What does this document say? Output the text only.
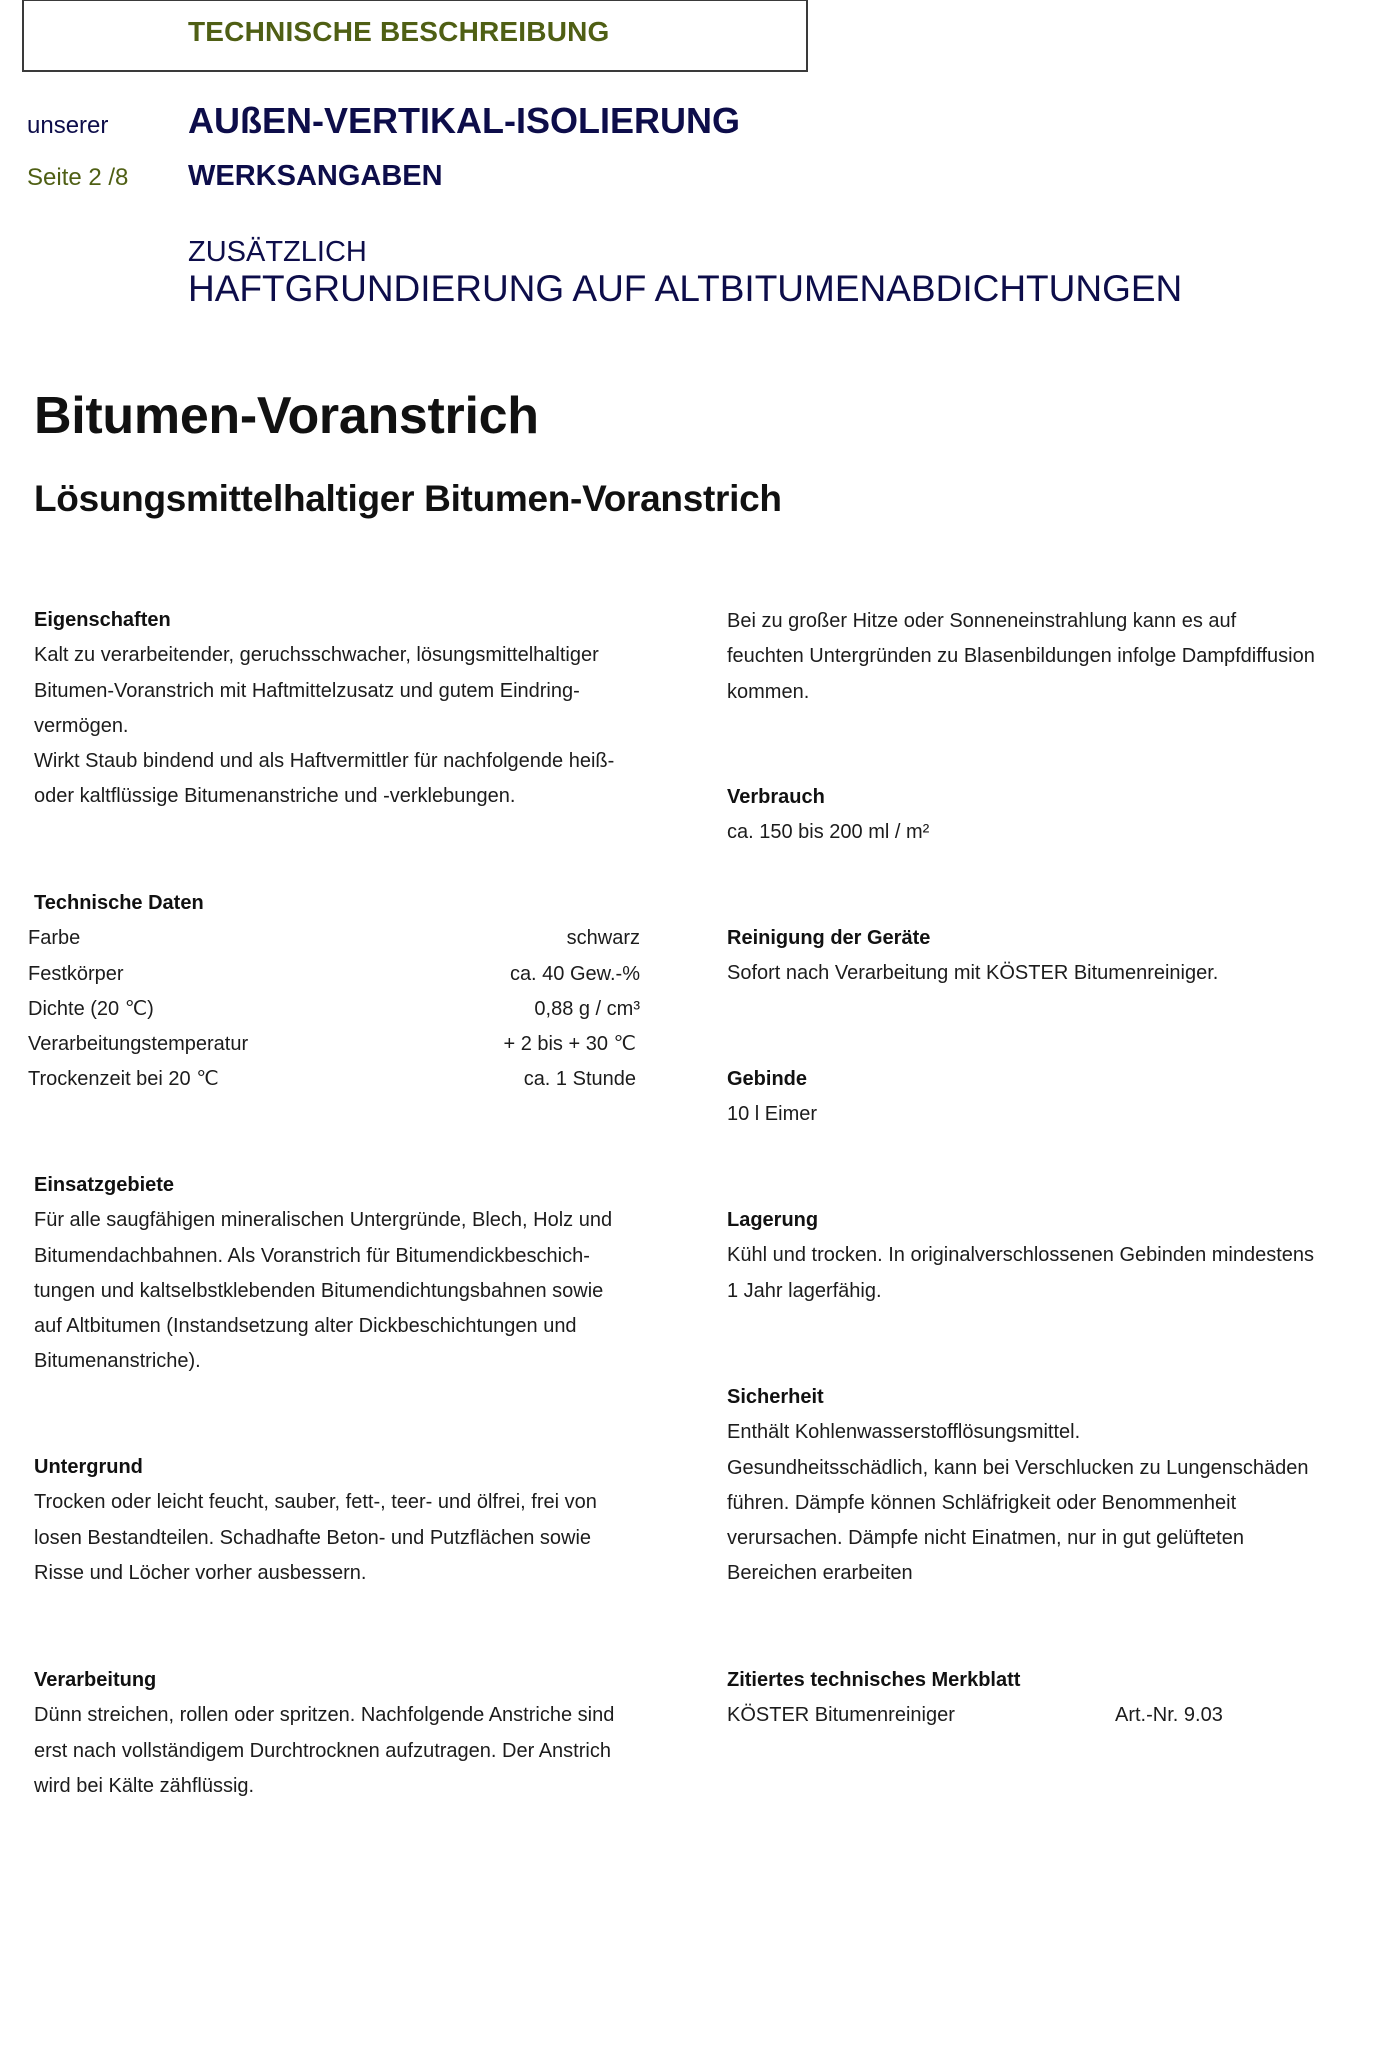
TECHNISCHE BESCHREIBUNG
unserer AUßEN-VERTIKAL-ISOLIERUNG
Seite 2 /8 WERKSANGABEN
ZUSÄTZLICH
HAFTGRUNDIERUNG AUF ALTBITUMENABDICHTUNGEN
Bitumen-Voranstrich
Lösungsmittelhaltiger Bitumen-Voranstrich
Eigenschaften
Kalt zu verarbeitender, geruchsschwacher, lösungsmittelhaltiger
Bitumen-Voranstrich mit Haftmittelzusatz und gutem Eindring-
vermögen.
Wirkt Staub bindend und als Haftvermittler für nachfolgende heiß-
oder kaltflüssige Bitumenanstriche und -verklebungen.
Technische Daten
Farbe	schwarz
Festkörper	ca. 40 Gew.-%
Dichte (20 ℃)	0,88 g / cm³
Verarbeitungstemperatur	+ 2 bis + 30 ℃
Trockenzeit bei 20 ℃	ca. 1 Stunde
Einsatzgebiete
Für alle saugfähigen mineralischen Untergründe, Blech, Holz und
Bitumendachbahnen. Als Voranstrich für Bitumendickbeschich-
tungen und kaltselbstklebenden Bitumendichtungsbahnen sowie
auf Altbitumen (Instandsetzung alter Dickbeschichtungen und
Bitumenanstriche).
Untergrund
Trocken oder leicht feucht, sauber, fett-, teer- und ölfrei, frei von
losen Bestandteilen. Schadhafte Beton- und Putzflächen sowie
Risse und Löcher vorher ausbessern.
Verarbeitung
Dünn streichen, rollen oder spritzen. Nachfolgende Anstriche sind
erst nach vollständigem Durchtrocknen aufzutragen. Der Anstrich
wird bei Kälte zähflüssig.
Bei zu großer Hitze oder Sonneneinstrahlung kann es auf
feuchten Untergründen zu Blasenbildungen infolge Dampfdiffusion
kommen.
Verbrauch
ca. 150 bis 200 ml / m²
Reinigung der Geräte
Sofort nach Verarbeitung mit KÖSTER Bitumenreiniger.
Gebinde
10 l Eimer
Lagerung
Kühl und trocken. In originalverschlossenen Gebinden mindestens
1 Jahr lagerfähig.
Sicherheit
Enthält Kohlenwasserstofflösungsmittel.
Gesundheitsschädlich, kann bei Verschlucken zu Lungenschäden
führen. Dämpfe können Schläfrigkeit oder Benommenheit
verursachen. Dämpfe nicht Einatmen, nur in gut gelüfteten
Bereichen erarbeiten
Zitiertes technisches Merkblatt
KÖSTER Bitumenreiniger	Art.-Nr. 9.03
